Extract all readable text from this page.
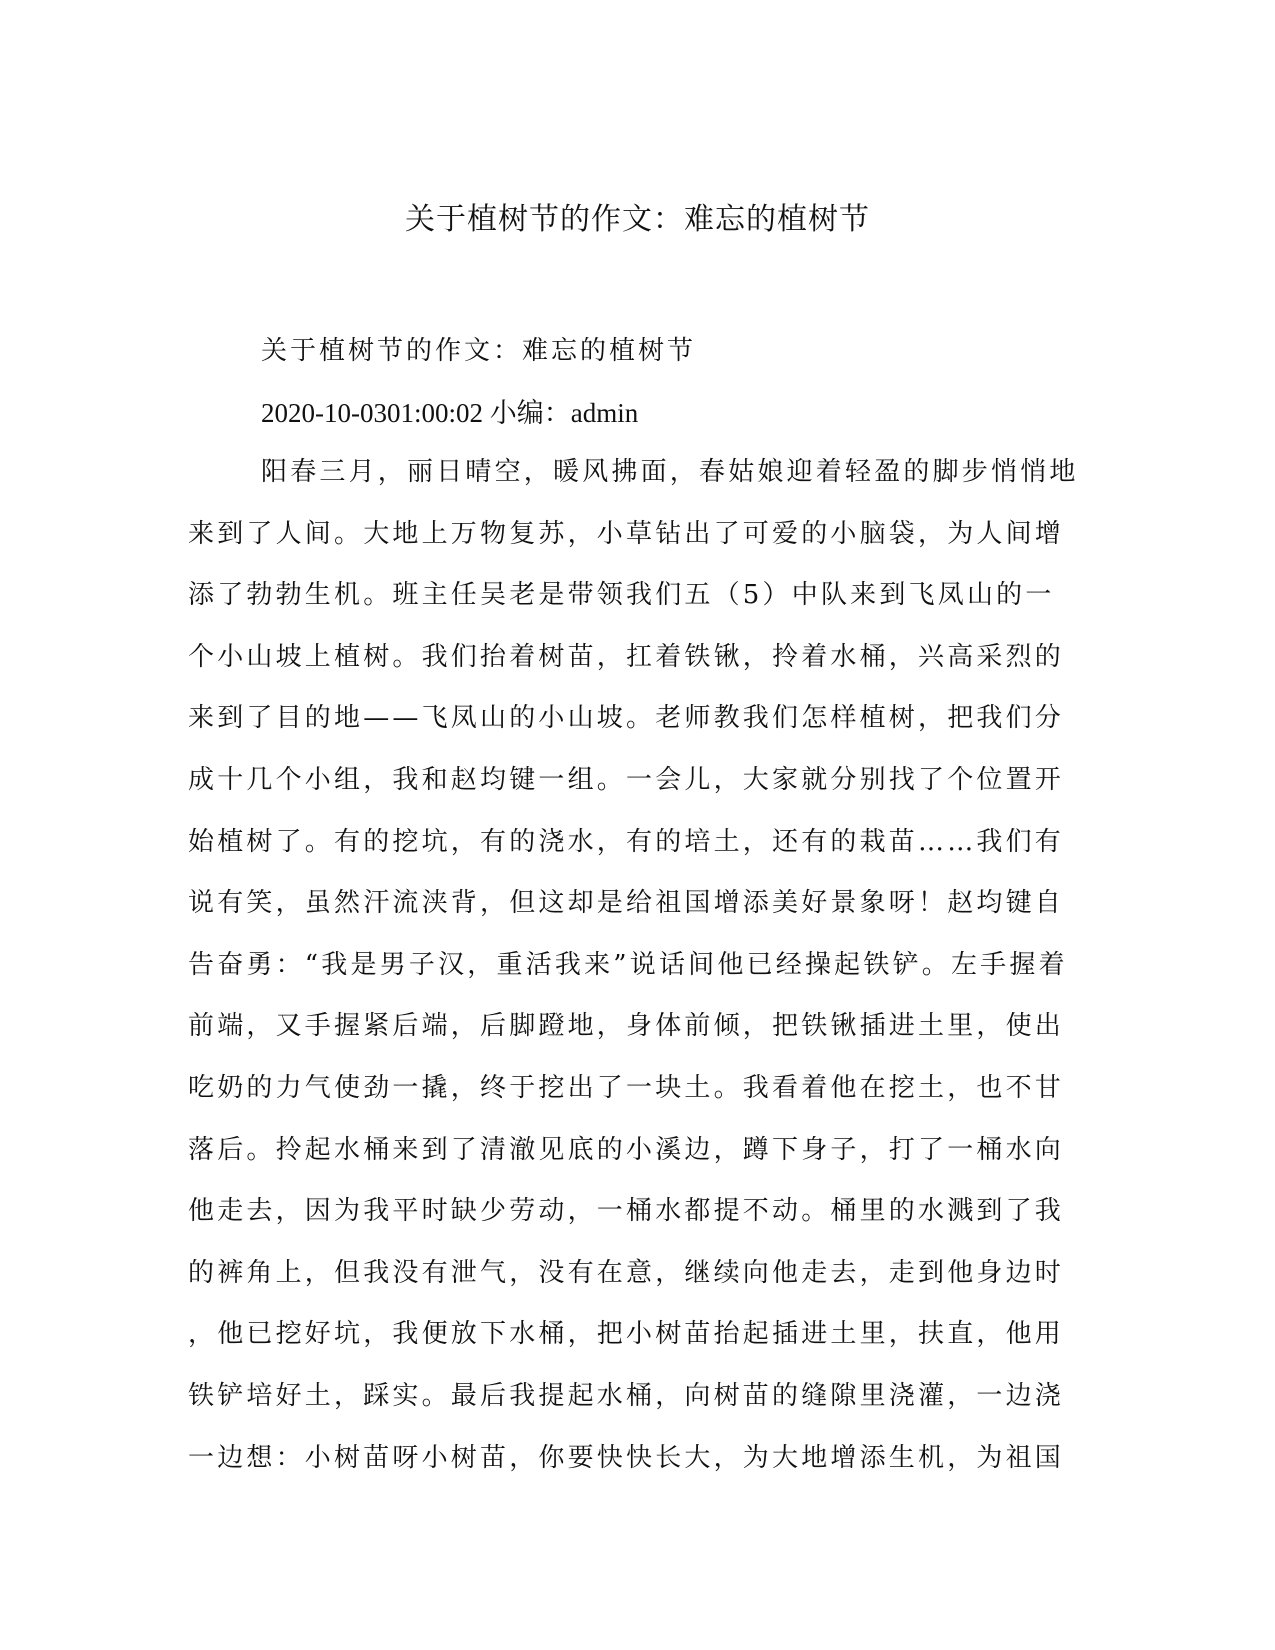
关于植树节的作文：难忘的植树节

关于植树节的作文：难忘的植树节

2020-10-0301:00:02 小编：admin

阳春三月，丽日晴空，暖风拂面，春姑娘迎着轻盈的脚步悄悄地
来到了人间。大地上万物复苏，小草钻出了可爱的小脑袋，为人间增
添了勃勃生机。班主任吴老是带领我们五（5）中队来到飞凤山的一
个小山坡上植树。我们抬着树苗，扛着铁锹，拎着水桶，兴高采烈的
来到了目的地——飞凤山的小山坡。老师教我们怎样植树，把我们分
成十几个小组，我和赵均键一组。一会儿，大家就分别找了个位置开
始植树了。有的挖坑，有的浇水，有的培土，还有的栽苗……我们有
说有笑，虽然汗流浃背，但这却是给祖国增添美好景象呀！赵均键自
告奋勇：“我是男子汉，重活我来”说话间他已经操起铁铲。左手握着
前端，又手握紧后端，后脚蹬地，身体前倾，把铁锹插进土里，使出
吃奶的力气使劲一撬，终于挖出了一块土。我看着他在挖土，也不甘
落后。拎起水桶来到了清澈见底的小溪边，蹲下身子，打了一桶水向
他走去，因为我平时缺少劳动，一桶水都提不动。桶里的水溅到了我
的裤角上，但我没有泄气，没有在意，继续向他走去，走到他身边时
，他已挖好坑，我便放下水桶，把小树苗抬起插进土里，扶直，他用
铁铲培好土，踩实。最后我提起水桶，向树苗的缝隙里浇灌，一边浇
一边想：小树苗呀小树苗，你要快快长大，为大地增添生机，为祖国
